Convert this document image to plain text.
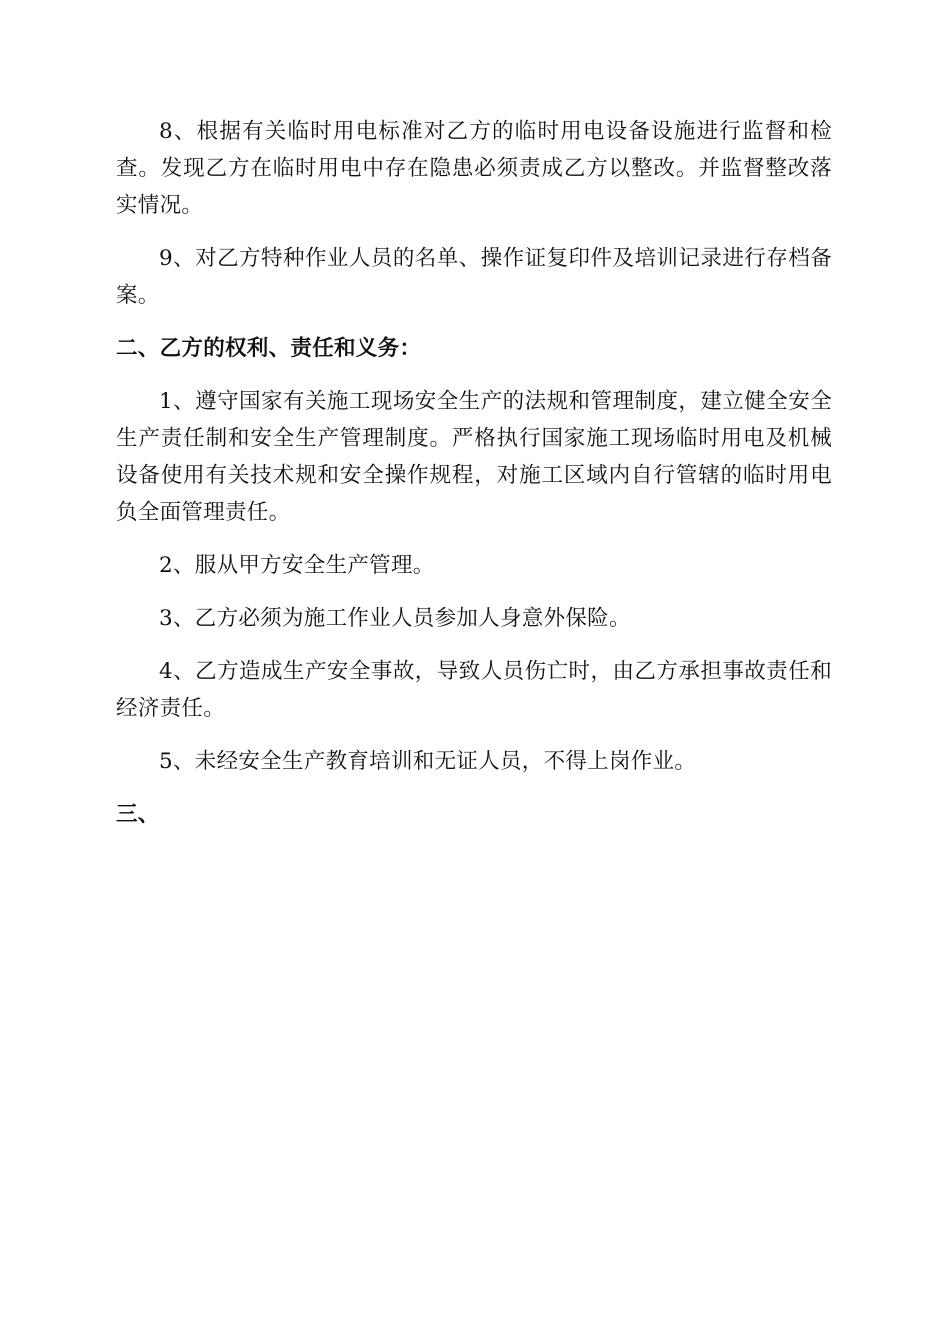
8、根据有关临时用电标准对乙方的临时用电设备设施进行监督和检查。发现乙方在临时用电中存在隐患必须责成乙方以整改。并监督整改落实情况。

9、对乙方特种作业人员的名单、操作证复印件及培训记录进行存档备案。

二、乙方的权利、责任和义务：

1、遵守国家有关施工现场安全生产的法规和管理制度，建立健全安全生产责任制和安全生产管理制度。严格执行国家施工现场临时用电及机械设备使用有关技术规和安全操作规程，对施工区域内自行管辖的临时用电负全面管理责任。

2、服从甲方安全生产管理。

3、乙方必须为施工作业人员参加人身意外保险。

4、乙方造成生产安全事故，导致人员伤亡时，由乙方承担事故责任和经济责任。

5、未经安全生产教育培训和无证人员，不得上岗作业。

三、
